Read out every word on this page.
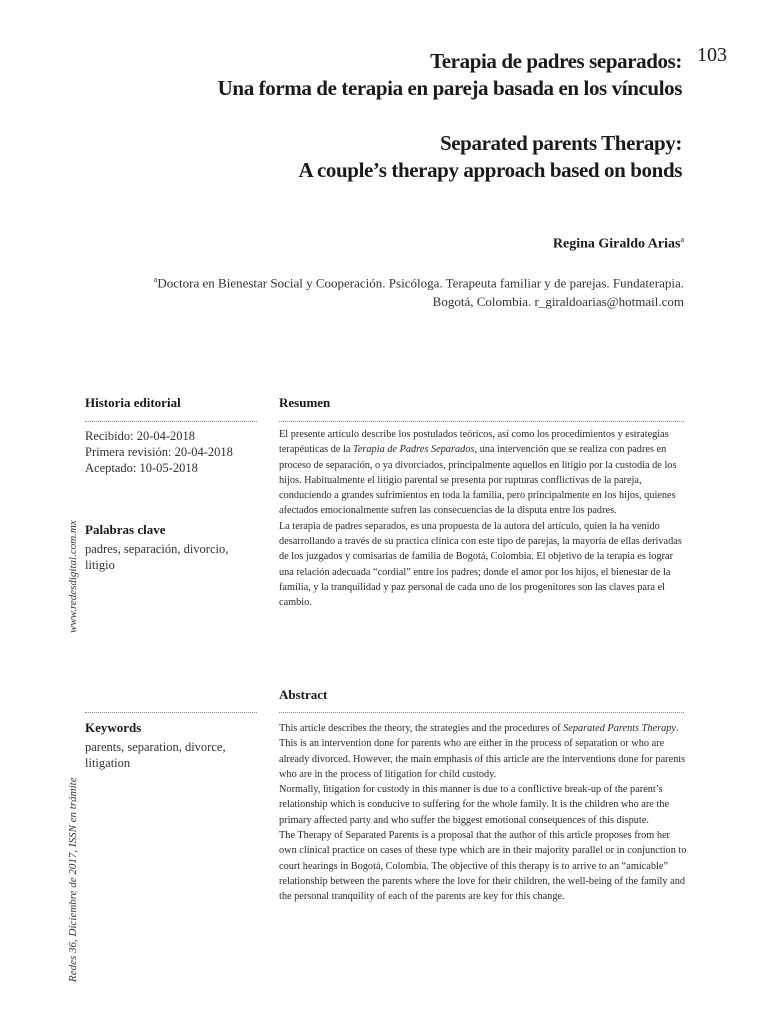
103
Terapia de padres separados:
Una forma de terapia en pareja basada en los vínculos
Separated parents Therapy:
A couple’s therapy approach based on bonds
Regina Giraldo Arias$^a$
$^a$Doctora en Bienestar Social y Cooperación. Psicóloga. Terapeuta familiar y de parejas. Fundaterapia.
Bogotá, Colombia. r_giraldoarias@hotmail.com
www.redesdigital.com.mx
Redes 36, Diciembre de 2017, ISSN en trámite
Historia editorial	Resumen
Recibido: 20-04-2018
Primera revisión: 20-04-2018
Aceptado: 10-05-2018
Palabras clave
padres, separación, divorcio, litigio
Keywords
parents, separation, divorce, litigation

El presente artículo describe los postulados teóricos, así como los procedimientos y estrategias terapéuticas de la Terapia de Padres Separados, una intervención que se realiza con padres en proceso de separación, o ya divorciados, principalmente aquellos en litigio por la custodia de los hijos. Habitualmente el litigio parental se presenta por rupturas conflictivas de la pareja, conduciendo a grandes sufrimientos en toda la familia, pero principalmente en los hijos, quienes afectados emocionalmente sufren las consecuencias de la disputa entre los padres.

La terapia de padres separados, es una propuesta de la autora del artículo, quien la ha venido desarrollando a través de su practica clínica con este tipo de parejas, la mayoría de ellas derivadas de los juzgados y comisarias de familia de Bogotá, Colombia. El objetivo de la terapia es lograr una relación adecuada “cordial” entre los padres; donde el amor por los hijos, el bienestar de la familia, y la tranquilidad y paz personal de cada uno de los progenitores son las claves para el cambio.

Abstract

This article describes the theory, the strategies and the procedures of Separated Parents Therapy. This is an intervention done for parents who are either in the process of separation or who are already divorced. However, the main emphasis of this article are the interventions done for parents who are in the process of litigation for child custody.

Normally, litigation for custody in this manner is due to a conflictive break-up of the parent’s relationship which is conducive to suffering for the whole family. It is the children who are the primary affected party and who suffer the biggest emotional consequences of this dispute.

The Therapy of Separated Parents is a proposal that the author of this article proposes from her own clinical practice on cases of these type which are in their majority parallel or in conjunction to court hearings in Bogotá, Colombia. The objective of this therapy is to arrive to an “amicable” relationship between the parents where the love for their children, the well-being of the family and the personal tranquility of each of the parents are key for this change.
